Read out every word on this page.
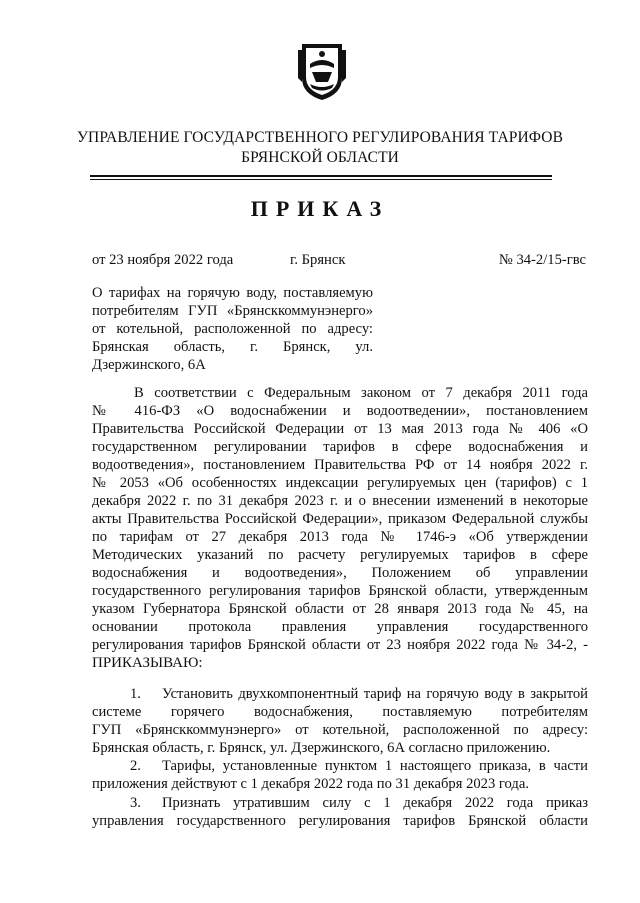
УПРАВЛЕНИЕ ГОСУДАРСТВЕННОГО РЕГУЛИРОВАНИЯ ТАРИФОВ
БРЯНСКОЙ ОБЛАСТИ
ПРИКАЗ
от 23 ноября 2022 года	г. Брянск	№ 34-2/15-гвс
О тарифах на горячую воду, поставляемую
потребителям ГУП «Брянсккоммунэнерго»
от котельной, расположенной по адресу:
Брянская область, г. Брянск, ул.
Дзержинского, 6А
В соответствии с Федеральным законом от 7 декабря 2011 года
№ 416-ФЗ «О водоснабжении и водоотведении», постановлением
Правительства Российской Федерации от 13 мая 2013 года № 406 «О
государственном регулировании тарифов в сфере водоснабжения и
водоотведения», постановлением Правительства РФ от 14 ноября 2022 г.
№ 2053 «Об особенностях индексации регулируемых цен (тарифов) с 1
декабря 2022 г. по 31 декабря 2023 г. и о внесении изменений в некоторые
акты Правительства Российской Федерации», приказом Федеральной службы
по тарифам от 27 декабря 2013 года № 1746-э «Об утверждении
Методических указаний по расчету регулируемых тарифов в сфере
водоснабжения и водоотведения», Положением об управлении
государственного регулирования тарифов Брянской области, утвержденным
указом Губернатора Брянской области от 28 января 2013 года № 45, на
основании протокола правления управления государственного
регулирования тарифов Брянской области от 23 ноября 2022 года № 34-2, -
ПРИКАЗЫВАЮ:
1. Установить двухкомпонентный тариф на горячую воду в закрытой
системе горячего водоснабжения, поставляемую потребителям
ГУП «Брянсккоммунэнерго» от котельной, расположенной по адресу:
Брянская область, г. Брянск, ул. Дзержинского, 6А согласно приложению.
2. Тарифы, установленные пунктом 1 настоящего приказа, в части
приложения действуют с 1 декабря 2022 года по 31 декабря 2023 года.
3. Признать утратившим силу с 1 декабря 2022 года приказ
управления государственного регулирования тарифов Брянской области
